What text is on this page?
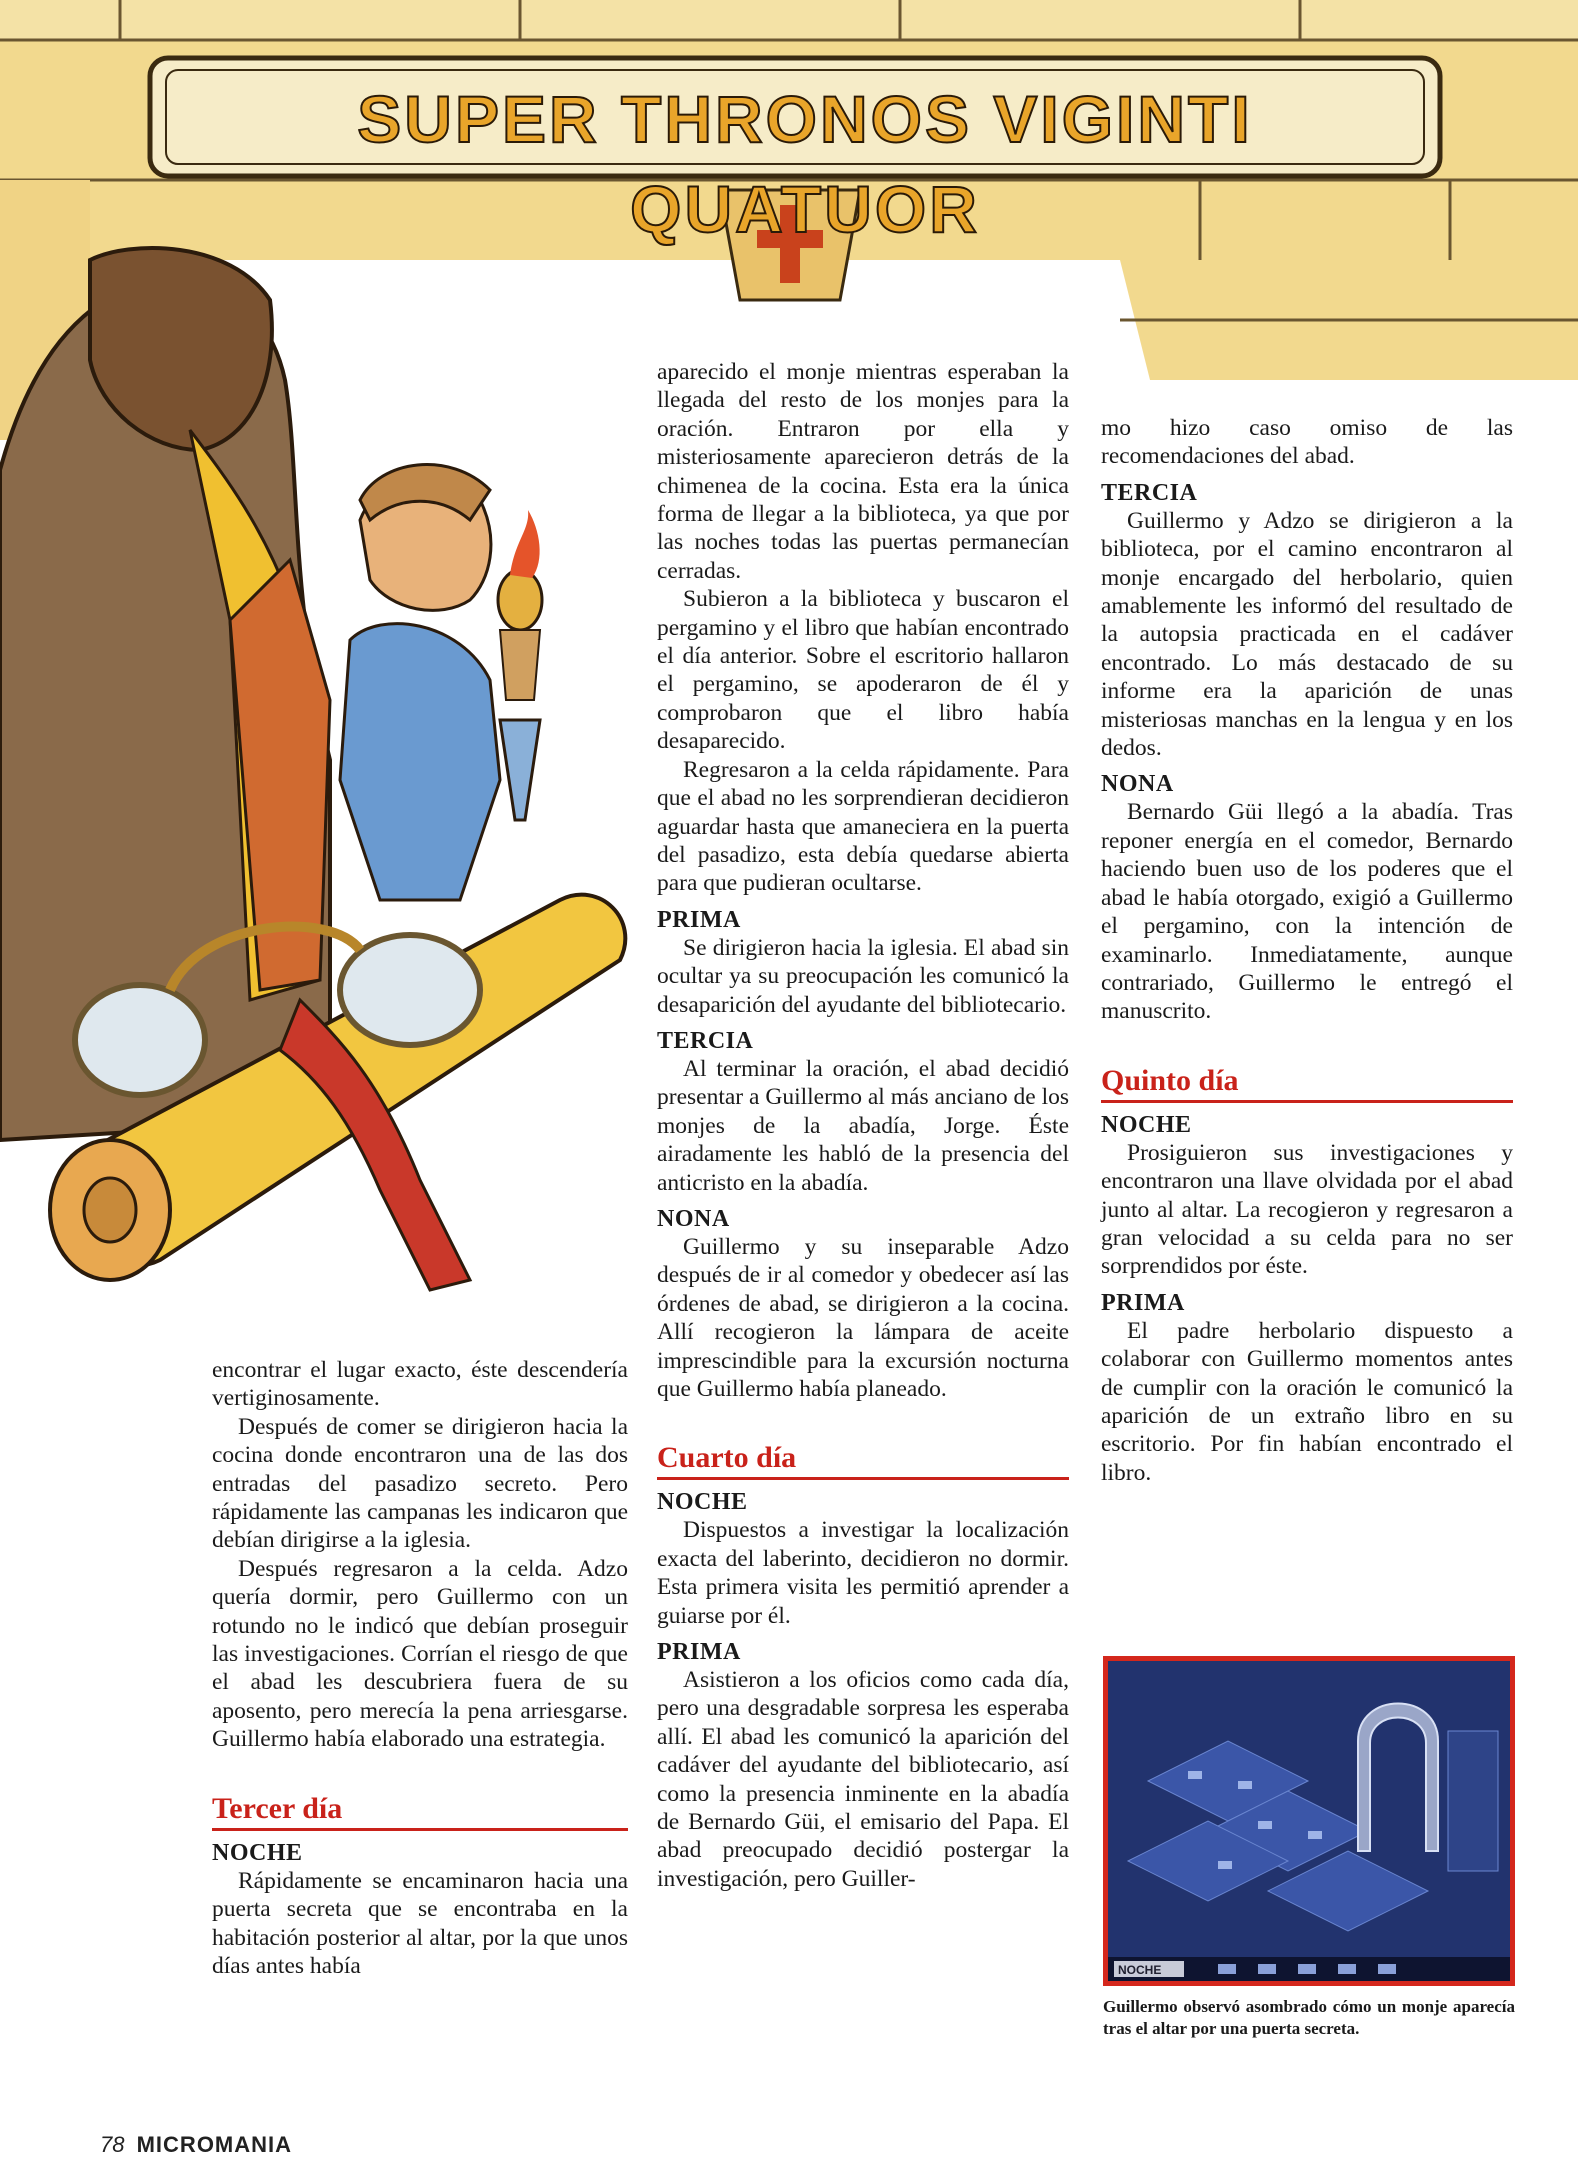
SUPER THRONOS VIGINTI QUATUOR

encontrar el lugar exacto, éste descendería vertiginosamente.

Después de comer se dirigieron hacia la cocina donde encontraron una de las dos entradas del pasadizo secreto. Pero rápidamente las campanas les indicaron que debían dirigirse a la iglesia.

Después regresaron a la celda. Adzo quería dormir, pero Guillermo con un rotundo no le indicó que debían proseguir las investigaciones. Corrían el riesgo de que el abad les descubriera fuera de su aposento, pero merecía la pena arriesgarse. Guillermo había elaborado una estrategia.

Tercer día
NOCHE

Rápidamente se encaminaron hacia una puerta secreta que se encontraba en la habitación posterior al altar, por la que unos días antes había

aparecido el monje mientras esperaban la llegada del resto de los monjes para la oración. Entraron por ella y misteriosamente aparecieron detrás de la chimenea de la cocina. Esta era la única forma de llegar a la biblioteca, ya que por las noches todas las puertas permanecían cerradas.

Subieron a la biblioteca y buscaron el pergamino y el libro que habían encontrado el día anterior. Sobre el escritorio hallaron el pergamino, se apoderaron de él y comprobaron que el libro había desaparecido.

Regresaron a la celda rápidamente. Para que el abad no les sorprendieran decidieron aguardar hasta que amaneciera en la puerta del pasadizo, esta debía quedarse abierta para que pudieran ocultarse.

PRIMA

Se dirigieron hacia la iglesia. El abad sin ocultar ya su preocupación les comunicó la desaparición del ayudante del bibliotecario.

TERCIA

Al terminar la oración, el abad decidió presentar a Guillermo al más anciano de los monjes de la abadía, Jorge. Éste airadamente les habló de la presencia del anticristo en la abadía.

NONA

Guillermo y su inseparable Adzo después de ir al comedor y obedecer así las órdenes de abad, se dirigieron a la cocina. Allí recogieron la lámpara de aceite imprescindible para la excursión nocturna que Guillermo había planeado.

Cuarto día
NOCHE

Dispuestos a investigar la localización exacta del laberinto, decidieron no dormir. Esta primera visita les permitió aprender a guiarse por él.

PRIMA

Asistieron a los oficios como cada día, pero una desgradable sorpresa les esperaba allí. El abad les comunicó la aparición del cadáver del ayudante del bibliotecario, así como la presencia inminente en la abadía de Bernardo Güi, el emisario del Papa. El abad preocupado decidió postergar la investigación, pero Guiller-

mo hizo caso omiso de las recomendaciones del abad.

TERCIA

Guillermo y Adzo se dirigieron a la biblioteca, por el camino encontraron al monje encargado del herbolario, quien amablemente les informó del resultado de la autopsia practicada en el cadáver encontrado. Lo más destacado de su informe era la aparición de unas misteriosas manchas en la lengua y en los dedos.

NONA

Bernardo Güi llegó a la abadía. Tras reponer energía en el comedor, Bernardo haciendo buen uso de los poderes que el abad le había otorgado, exigió a Guillermo el pergamino, con la intención de examinarlo. Inmediatamente, aunque contrariado, Guillermo le entregó el manuscrito.

Quinto día
NOCHE

Prosiguieron sus investigaciones y encontraron una llave olvidada por el abad junto al altar. La recogieron y regresaron a gran velocidad a su celda para no ser sorprendidos por éste.

PRIMA

El padre herbolario dispuesto a colaborar con Guillermo momentos antes de cumplir con la oración le comunicó la aparición de un extraño libro en su escritorio. Por fin habían encontrado el libro.

NOCHE
Guillermo observó asombrado cómo un monje aparecía tras el altar por una puerta secreta.
78 MICROMANIA
